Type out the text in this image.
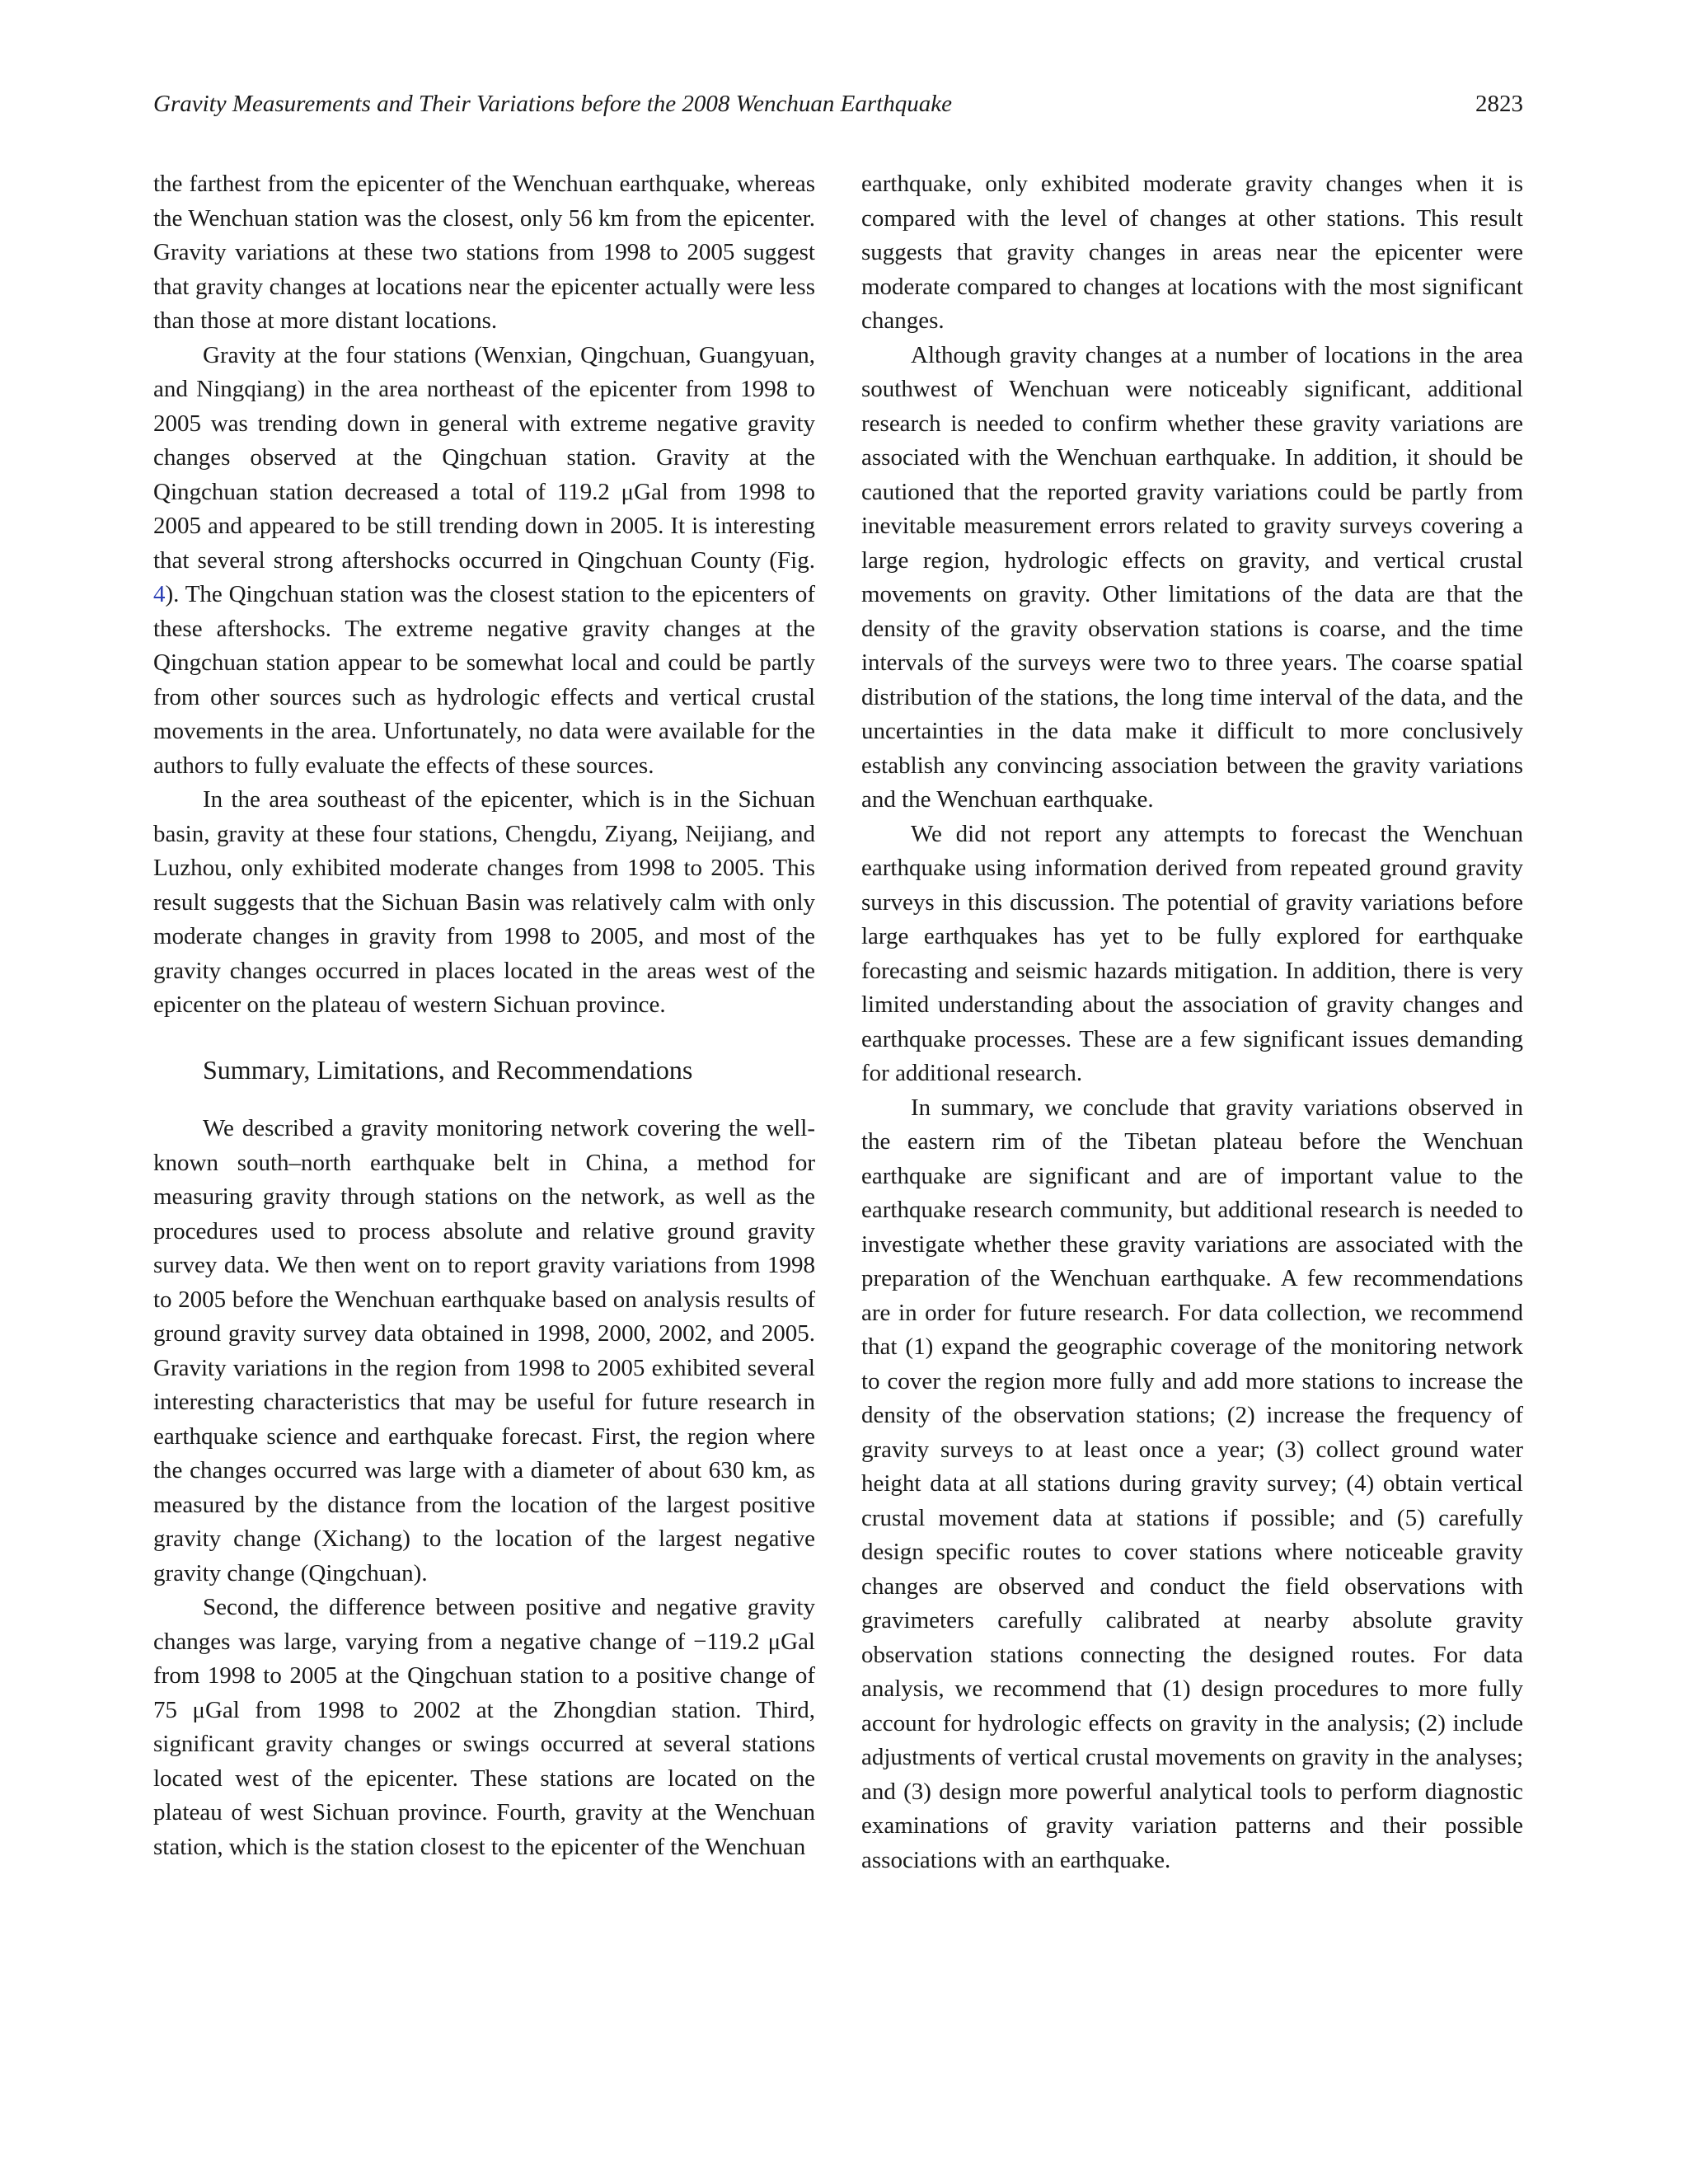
Gravity Measurements and Their Variations before the 2008 Wenchuan Earthquake	2823

the farthest from the epicenter of the Wenchuan earthquake, whereas the Wenchuan station was the closest, only 56 km from the epicenter. Gravity variations at these two stations from 1998 to 2005 suggest that gravity changes at locations near the epicenter actually were less than those at more distant locations.

Gravity at the four stations (Wenxian, Qingchuan, Guangyuan, and Ningqiang) in the area northeast of the epicenter from 1998 to 2005 was trending down in general with extreme negative gravity changes observed at the Qingchuan station. Gravity at the Qingchuan station decreased a total of 119.2 μGal from 1998 to 2005 and appeared to be still trending down in 2005. It is interesting that several strong aftershocks occurred in Qingchuan County (Fig. 4). The Qingchuan station was the closest station to the epicenters of these aftershocks. The extreme negative gravity changes at the Qingchuan station appear to be somewhat local and could be partly from other sources such as hydrologic effects and vertical crustal movements in the area. Unfortunately, no data were available for the authors to fully evaluate the effects of these sources.

In the area southeast of the epicenter, which is in the Sichuan basin, gravity at these four stations, Chengdu, Ziyang, Neijiang, and Luzhou, only exhibited moderate changes from 1998 to 2005. This result suggests that the Sichuan Basin was relatively calm with only moderate changes in gravity from 1998 to 2005, and most of the gravity changes occurred in places located in the areas west of the epicenter on the plateau of western Sichuan province.

Summary, Limitations, and Recommendations

We described a gravity monitoring network covering the well-known south–north earthquake belt in China, a method for measuring gravity through stations on the network, as well as the procedures used to process absolute and relative ground gravity survey data. We then went on to report gravity variations from 1998 to 2005 before the Wenchuan earthquake based on analysis results of ground gravity survey data obtained in 1998, 2000, 2002, and 2005. Gravity variations in the region from 1998 to 2005 exhibited several interesting characteristics that may be useful for future research in earthquake science and earthquake forecast. First, the region where the changes occurred was large with a diameter of about 630 km, as measured by the distance from the location of the largest positive gravity change (Xichang) to the location of the largest negative gravity change (Qingchuan).

Second, the difference between positive and negative gravity changes was large, varying from a negative change of −119.2 μGal from 1998 to 2005 at the Qingchuan station to a positive change of 75 μGal from 1998 to 2002 at the Zhongdian station. Third, significant gravity changes or swings occurred at several stations located west of the epicenter. These stations are located on the plateau of west Sichuan province. Fourth, gravity at the Wenchuan station, which is the station closest to the epicenter of the Wenchuan

earthquake, only exhibited moderate gravity changes when it is compared with the level of changes at other stations. This result suggests that gravity changes in areas near the epicenter were moderate compared to changes at locations with the most significant changes.

Although gravity changes at a number of locations in the area southwest of Wenchuan were noticeably significant, additional research is needed to confirm whether these gravity variations are associated with the Wenchuan earthquake. In addition, it should be cautioned that the reported gravity variations could be partly from inevitable measurement errors related to gravity surveys covering a large region, hydrologic effects on gravity, and vertical crustal movements on gravity. Other limitations of the data are that the density of the gravity observation stations is coarse, and the time intervals of the surveys were two to three years. The coarse spatial distribution of the stations, the long time interval of the data, and the uncertainties in the data make it difficult to more conclusively establish any convincing association between the gravity variations and the Wenchuan earthquake.

We did not report any attempts to forecast the Wenchuan earthquake using information derived from repeated ground gravity surveys in this discussion. The potential of gravity variations before large earthquakes has yet to be fully explored for earthquake forecasting and seismic hazards mitigation. In addition, there is very limited understanding about the association of gravity changes and earthquake processes. These are a few significant issues demanding for additional research.

In summary, we conclude that gravity variations observed in the eastern rim of the Tibetan plateau before the Wenchuan earthquake are significant and are of important value to the earthquake research community, but additional research is needed to investigate whether these gravity variations are associated with the preparation of the Wenchuan earthquake. A few recommendations are in order for future research. For data collection, we recommend that (1) expand the geographic coverage of the monitoring network to cover the region more fully and add more stations to increase the density of the observation stations; (2) increase the frequency of gravity surveys to at least once a year; (3) collect ground water height data at all stations during gravity survey; (4) obtain vertical crustal movement data at stations if possible; and (5) carefully design specific routes to cover stations where noticeable gravity changes are observed and conduct the field observations with gravimeters carefully calibrated at nearby absolute gravity observation stations connecting the designed routes. For data analysis, we recommend that (1) design procedures to more fully account for hydrologic effects on gravity in the analysis; (2) include adjustments of vertical crustal movements on gravity in the analyses; and (3) design more powerful analytical tools to perform diagnostic examinations of gravity variation patterns and their possible associations with an earthquake.
